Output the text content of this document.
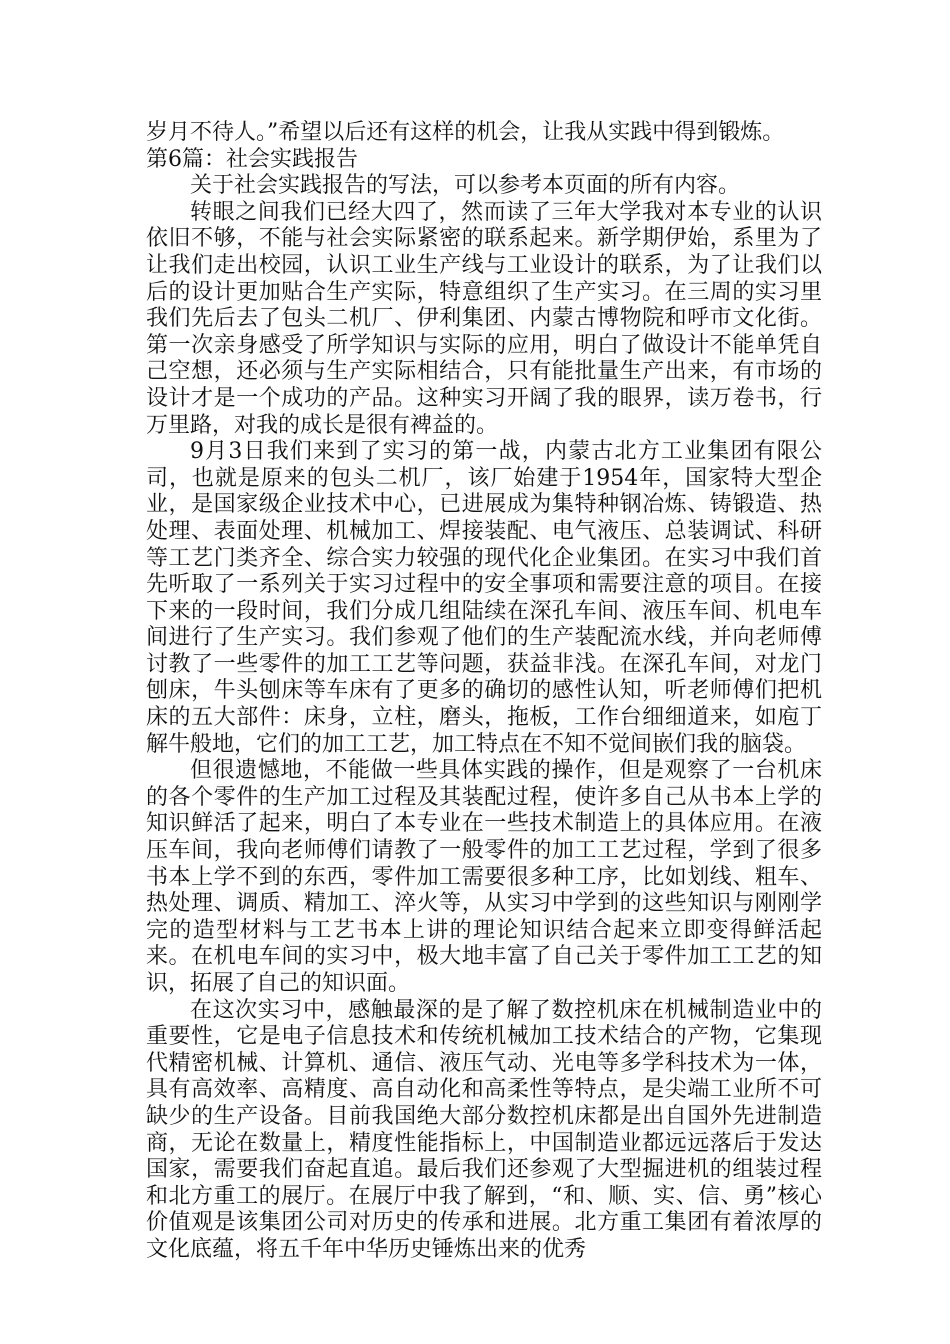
岁月不待人。”希望以后还有这样的机会，让我从实践中得到锻炼。

第6篇：社会实践报告

关于社会实践报告的写法，可以参考本页面的所有内容。

转眼之间我们已经大四了，然而读了三年大学我对本专业的认识依旧不够，不能与社会实际紧密的联系起来。新学期伊始，系里为了让我们走出校园，认识工业生产线与工业设计的联系，为了让我们以后的设计更加贴合生产实际，特意组织了生产实习。在三周的实习里我们先后去了包头二机厂、伊利集团、内蒙古博物院和呼市文化街。第一次亲身感受了所学知识与实际的应用，明白了做设计不能单凭自己空想，还必须与生产实际相结合，只有能批量生产出来，有市场的设计才是一个成功的产品。这种实习开阔了我的眼界，读万卷书，行万里路，对我的成长是很有裨益的。

9月3日我们来到了实习的第一战，内蒙古北方工业集团有限公司，也就是原来的包头二机厂，该厂始建于1954年，国家特大型企业，是国家级企业技术中心，已进展成为集特种钢冶炼、铸锻造、热处理、表面处理、机械加工、焊接装配、电气液压、总装调试、科研等工艺门类齐全、综合实力较强的现代化企业集团。在实习中我们首先听取了一系列关于实习过程中的安全事项和需要注意的项目。在接下来的一段时间，我们分成几组陆续在深孔车间、液压车间、机电车间进行了生产实习。我们参观了他们的生产装配流水线，并向老师傅讨教了一些零件的加工工艺等问题，获益非浅。在深孔车间，对龙门刨床，牛头刨床等车床有了更多的确切的感性认知，听老师傅们把机床的五大部件：床身，立柱，磨头，拖板，工作台细细道来，如庖丁解牛般地，它们的加工工艺，加工特点在不知不觉间嵌们我的脑袋。

但很遗憾地，不能做一些具体实践的操作，但是观察了一台机床的各个零件的生产加工过程及其装配过程，使许多自己从书本上学的知识鲜活了起来，明白了本专业在一些技术制造上的具体应用。在液压车间，我向老师傅们请教了一般零件的加工工艺过程，学到了很多书本上学不到的东西，零件加工需要很多种工序，比如划线、粗车、热处理、调质、精加工、淬火等，从实习中学到的这些知识与刚刚学完的造型材料与工艺书本上讲的理论知识结合起来立即变得鲜活起来。在机电车间的实习中，极大地丰富了自己关于零件加工工艺的知识，拓展了自己的知识面。

在这次实习中，感触最深的是了解了数控机床在机械制造业中的重要性，它是电子信息技术和传统机械加工技术结合的产物，它集现代精密机械、计算机、通信、液压气动、光电等多学科技术为一体，具有高效率、高精度、高自动化和高柔性等特点，是尖端工业所不可缺少的生产设备。目前我国绝大部分数控机床都是出自国外先进制造商，无论在数量上，精度性能指标上，中国制造业都远远落后于发达国家，需要我们奋起直追。最后我们还参观了大型掘进机的组装过程和北方重工的展厅。在展厅中我了解到，“和、顺、实、信、勇”核心价值观是该集团公司对历史的传承和进展。北方重工集团有着浓厚的文化底蕴，将五千年中华历史锤炼出来的优秀
